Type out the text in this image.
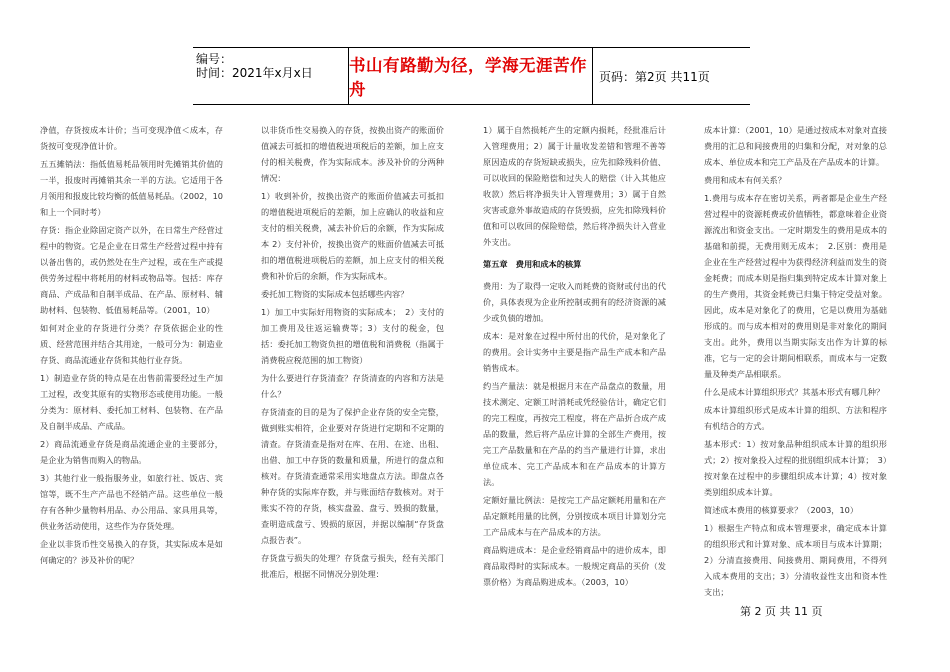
编号：
时间：2021年x月x日	书山有路勤为径，学海无涯苦作舟
页码：第2页 共11页

净值，存货按成本计价；当可变现净值＜成本，存货按可变现净值计价。

五五摊销法：指低值易耗品领用时先摊销其价值的一半，报废时再摊销其余一半的方法。它适用于各月领用和报废比较均衡的低值易耗品。（2002，10和上一个同时考）

存货：指企业除固定资产以外，在日常生产经营过程中的物资。它是企业在日常生产经营过程中持有以备出售的，或仍然处在生产过程，或在生产或提供劳务过程中将耗用的材料或物品等。包括：库存商品、产成品和自制半成品、在产品、原材料、辅助材料、包装物、低值易耗品等。（2001，10）

如何对企业的存货进行分类？存货依据企业的性质、经营范围并结合其用途，一般可分为：制造业存货、商品流通业存货和其他行业存货。

1）制造业存货的特点是在出售前需要经过生产加工过程，改变其原有的实物形态或使用功能。一般分类为：原材料、委托加工材料、包装物、在产品及自制半成品、产成品。

2）商品流通业存货是商品流通企业的主要部分，是企业为销售而购入的物品。

3）其他行业一般指服务业，如旅行社、饭店、宾馆等，既不生产产品也不经销产品。这些单位一般存有各种少量物料用品、办公用品、家具用具等，供业务活动使用，这些作为存货处理。

企业以非货币性交易换入的存货，其实际成本是如何确定的？涉及补价的呢？

以非货币性交易换入的存货，按换出资产的账面价值减去可抵扣的增值税进项税后的差额，加上应支付的相关税费，作为实际成本。涉及补价的分两种情况：

1）收到补价，按换出资产的账面价值减去可抵扣的增值税进项税后的差额，加上应确认的收益和应支付的相关税费，减去补价后的余额，作为实际成本 2）支付补价，按换出资产的账面价值减去可抵扣的增值税进项税后的差额，加上应支付的相关税费和补价后的余额，作为实际成本。

委托加工物资的实际成本包括哪些内容？

1）加工中实际好用物资的实际成本；　2）支付的加工费用及往返运输费等；3）支付的税金，包括：委托加工物资负担的增值税和消费税（指属于消费税应税范围的加工物资）

为什么要进行存货清查？存货清查的内容和方法是什么？

存货清查的目的是为了保护企业存货的安全完整，做到账实相符，企业要对存货进行定期和不定期的清查。存货清查是指对在库、在用、在途、出租、出借、加工中存货的数量和质量，所进行的盘点和核对。存货清查通常采用实地盘点方法。即盘点各种存货的实际库存数，并与账面结存数核对。对于账实不符的存货，核实盘盈、盘亏、毁损的数量，查明造成盘亏、毁损的原因，并据以编制“存货盘点报告表”。

存货盘亏损失的处理？存货盘亏损失，经有关部门批准后，根据不同情况分别处理：

1）属于自然损耗产生的定额内损耗，经批准后计入管理费用；2）属于计量收发差错和管理不善等原因造成的存货短缺或损失，应先扣除残料价值、可以收回的保险赔偿和过失人的赔偿（计入其他应收款）然后将净损失计入管理费用；3）属于自然灾害或意外事故造成的存货毁损，应先扣除残料价值和可以收回的保险赔偿，然后将净损失计入营业外支出。

第五章　费用和成本的核算

费用：为了取得一定收入而耗费的资财或付出的代价，具体表现为企业所控制或拥有的经济资源的减少或负债的增加。

成本：是对象在过程中所付出的代价，是对象化了的费用。会计实务中主要是指产品生产成本和产品销售成本。

约当产量法：就是根据月末在产品盘点的数量，用技术测定、定额工时消耗或凭经验估计，确定它们的完工程度，再按完工程度，将在产品折合成产成品的数量，然后将产品应计算的全部生产费用，按完工产品数量和在产品的约当产量进行计算，求出单位成本、完工产品成本和在产品成本的计算方法。

定额好量比例法：是按完工产品定额耗用量和在产品定额耗用量的比例，分别按成本项目计算划分完工产品成本与在产品成本的方法。

商品购进成本：是企业经销商品中的进价成本，即商品取得时的实际成本。一般规定商品的买价（发票价格）为商品购进成本。（2003，10）

成本计算：（2001，10）是通过按成本对象对直接费用的汇总和间接费用的归集和分配，对对象的总成本、单位成本和完工产品及在产品成本的计算。

费用和成本有何关系？

1.费用与成本存在密切关系，两者都是企业生产经营过程中的资源耗费或价值牺牲，都意味着企业资源流出和资金支出。一定时期发生的费用是成本的基础和前提，无费用则无成本；　2.区别：费用是企业在生产经营过程中为获得经济利益而发生的资金耗费；而成本则是指归集到特定成本计算对象上的生产费用，其资金耗费已归集于特定受益对象。因此，成本是对象化了的费用，它是以费用为基础形成的。而与成本相对的费用则是非对象化的期间支出。此外，费用以当期实际支出作为计算的标准，它与一定的会计期间相联系，而成本与一定数量及种类产品相联系。

什么是成本计算组织形式？其基本形式有哪几种？

成本计算组织形式是成本计算的组织、方法和程序有机结合的方式。

基本形式：1）按对象品种组织成本计算的组织形式；2）按对象投入过程的批别组织成本计算；　3）按对象在过程中的步骤组织成本计算；4）按对象类别组织成本计算。

简述成本费用的核算要求？（2003，10）

1）根据生产特点和成本管理要求，确定成本计算的组织形式和计算对象、成本项目与成本计算期；2）分清直接费用、间接费用、期间费用，不得列入成本费用的支出；3）分清收益性支出和资本性支出；

第 2 页 共 11 页
